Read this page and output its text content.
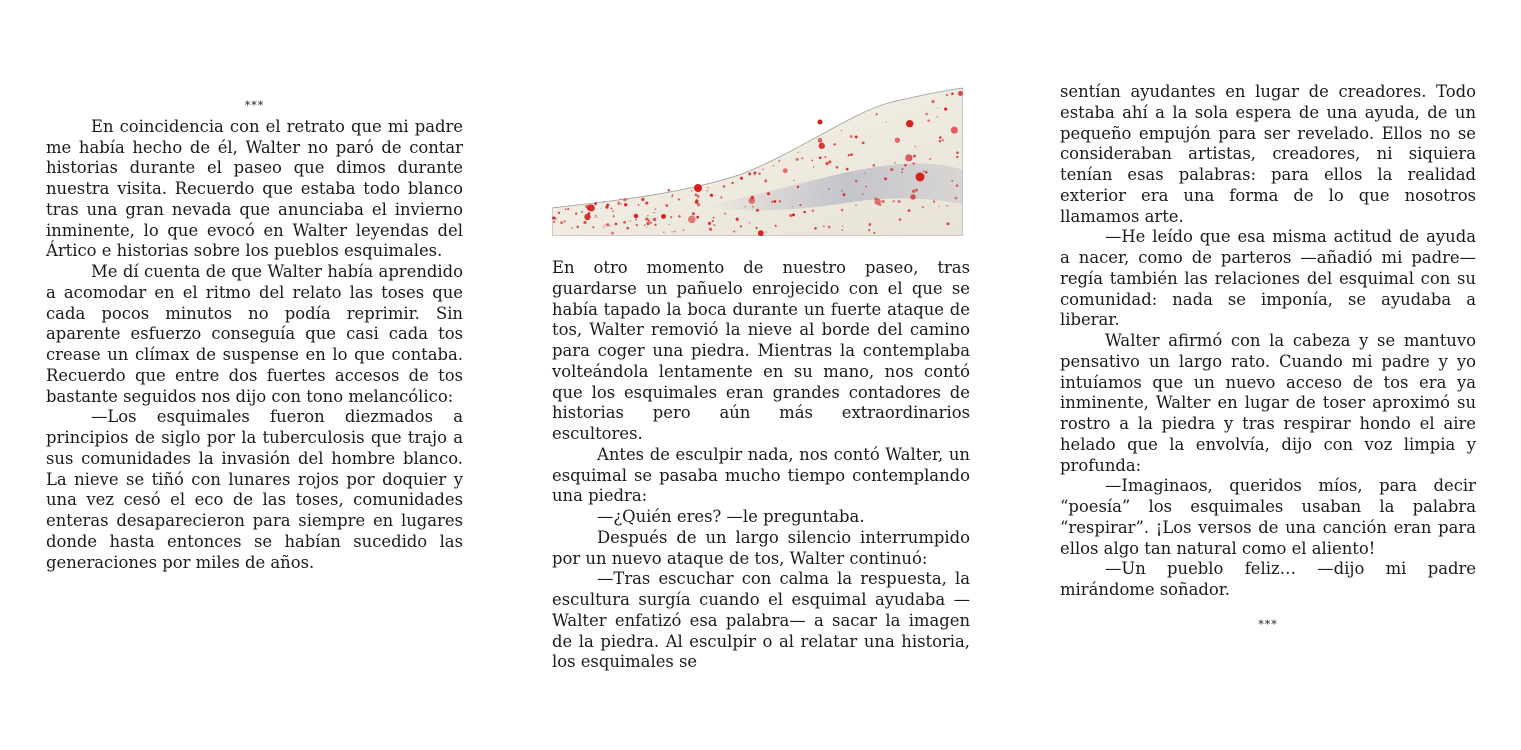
***

En coincidencia con el retrato que mi padre me había hecho de él, Walter no paró de contar historias durante el paseo que dimos durante nuestra visita. Recuerdo que estaba todo blanco tras una gran nevada que anunciaba el invierno inminente, lo que evocó en Walter leyendas del Ártico e historias sobre los pueblos esquimales.

Me dí cuenta de que Walter había aprendido a acomodar en el ritmo del relato las toses que cada pocos minutos no podía reprimir. Sin aparente esfuerzo conseguía que casi cada tos crease un clímax de suspense en lo que contaba. Recuerdo que entre dos fuertes accesos de tos bastante seguidos nos dijo con tono melancólico:

—Los esquimales fueron diezmados a principios de siglo por la tuberculosis que trajo a sus comunidades la invasión del hombre blanco. La nieve se tiñó con lunares rojos por doquier y una vez cesó el eco de las toses, comunidades enteras desaparecieron para siempre en lugares donde hasta entonces se habían sucedido las generaciones por miles de años.

En otro momento de nuestro paseo, tras guardarse un pañuelo enrojecido con el que se había tapado la boca durante un fuerte ataque de tos, Walter removió la nieve al borde del camino para coger una piedra. Mientras la contemplaba volteándola lentamente en su mano, nos contó que los esquimales eran grandes contadores de historias pero aún más extraordinarios escultores.

Antes de esculpir nada, nos contó Walter, un esquimal se pasaba mucho tiempo contemplando una piedra:

—¿Quién eres? —le preguntaba.

Después de un largo silencio interrumpido por un nuevo ataque de tos, Walter continuó:

—Tras escuchar con calma la respuesta, la escultura surgía cuando el esquimal ayudaba —Walter enfatizó esa palabra— a sacar la imagen de la piedra. Al esculpir o al relatar una historia, los esquimales se

sentían ayudantes en lugar de creadores. Todo estaba ahí a la sola espera de una ayuda, de un pequeño empujón para ser revelado. Ellos no se consideraban artistas, creadores, ni siquiera tenían esas palabras: para ellos la realidad exterior era una forma de lo que nosotros llamamos arte.

—He leído que esa misma actitud de ayuda a nacer, como de parteros —añadió mi padre— regía también las relaciones del esquimal con su comunidad: nada se imponía, se ayudaba a liberar.

Walter afirmó con la cabeza y se mantuvo pensativo un largo rato. Cuando mi padre y yo intuíamos que un nuevo acceso de tos era ya inminente, Walter en lugar de toser aproximó su rostro a la piedra y tras respirar hondo el aire helado que la envolvía, dijo con voz limpia y profunda:

—Imaginaos, queridos míos, para decir “poesía” los esquimales usaban la palabra “respirar”. ¡Los versos de una canción eran para ellos algo tan natural como el aliento!

—Un pueblo feliz… —dijo mi padre mirándome soñador.

***
